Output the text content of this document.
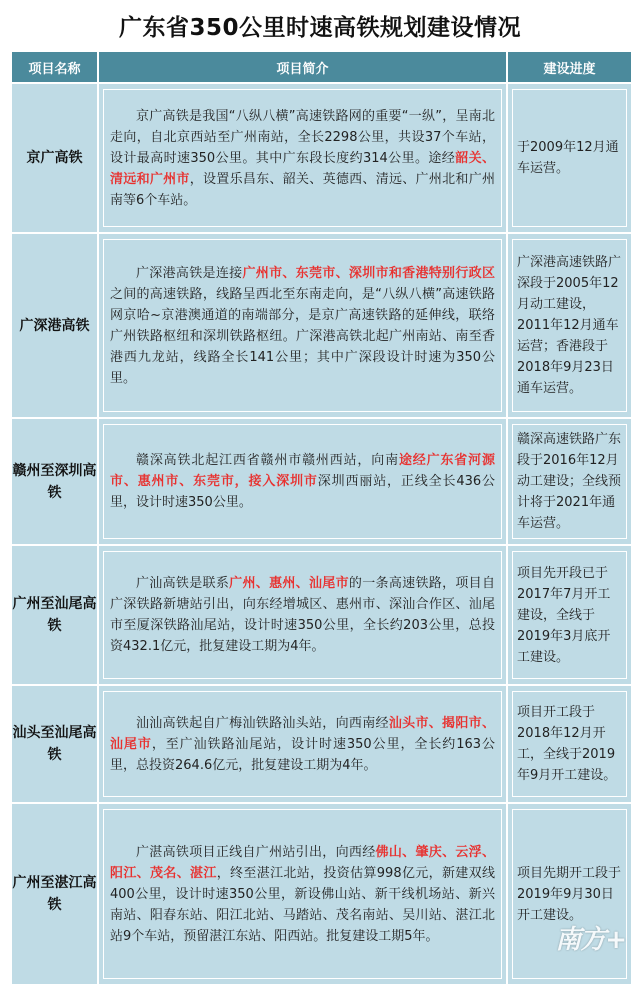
广东省350公里时速高铁规划建设情况
项目名称	项目简介	建设进度
京广高铁	京广高铁是我国“八纵八横”高速铁路网的重要“一纵”，呈南北走向，自北京西站至广州南站，全长2298公里，共设37个车站，设计最高时速350公里。其中广东段长度约314公里。途经韶关、清远和广州市，设置乐昌东、韶关、英德西、清远、广州北和广州南等6个车站。	于2009年12月通车运营。

广深港高铁	广深港高铁是连接广州市、东莞市、深圳市和香港特别行政区之间的高速铁路，线路呈西北至东南走向，是“八纵八横”高速铁路网京哈~京港澳通道的南端部分，是京广高速铁路的延伸线，联络广州铁路枢纽和深圳铁路枢纽。广深港高铁北起广州南站、南至香港西九龙站，线路全长141公里；其中广深段设计时速为350公里。	广深港高速铁路广深段于2005年12月动工建设，2011年12月通车运营；香港段于2018年9月23日通车运营。

赣州至深圳高铁	赣深高铁北起江西省赣州市赣州西站，向南途经广东省河源市、惠州市、东莞市，接入深圳市深圳西丽站，正线全长436公里，设计时速350公里。	赣深高速铁路广东段于2016年12月动工建设；全线预计将于2021年通车运营。

广州至汕尾高铁	广汕高铁是联系广州、惠州、汕尾市的一条高速铁路，项目自广深铁路新塘站引出，向东经增城区、惠州市、深汕合作区、汕尾市至厦深铁路汕尾站，设计时速350公里，全长约203公里，总投资432.1亿元，批复建设工期为4年。	项目先开段已于2017年7月开工建设，全线于2019年3月底开工建设。

汕头至汕尾高铁	汕汕高铁起自广梅汕铁路汕头站，向西南经汕头市、揭阳市、汕尾市，至广汕铁路汕尾站，设计时速350公里，全长约163公里，总投资264.6亿元，批复建设工期为4年。	项目开工段于2018年12月开工，全线于2019年9月开工建设。

广州至湛江高铁	广湛高铁项目正线自广州站引出，向西经佛山、肇庆、云浮、阳江、茂名、湛江，终至湛江北站，投资估算998亿元，新建双线400公里，设计时速350公里，新设佛山站、新干线机场站、新兴南站、阳春东站、阳江北站、马踏站、茂名南站、吴川站、湛江北站9个车站，预留湛江东站、阳西站。批复建设工期5年。	项目先期开工段于2019年9月30日开工建设。
南方+
